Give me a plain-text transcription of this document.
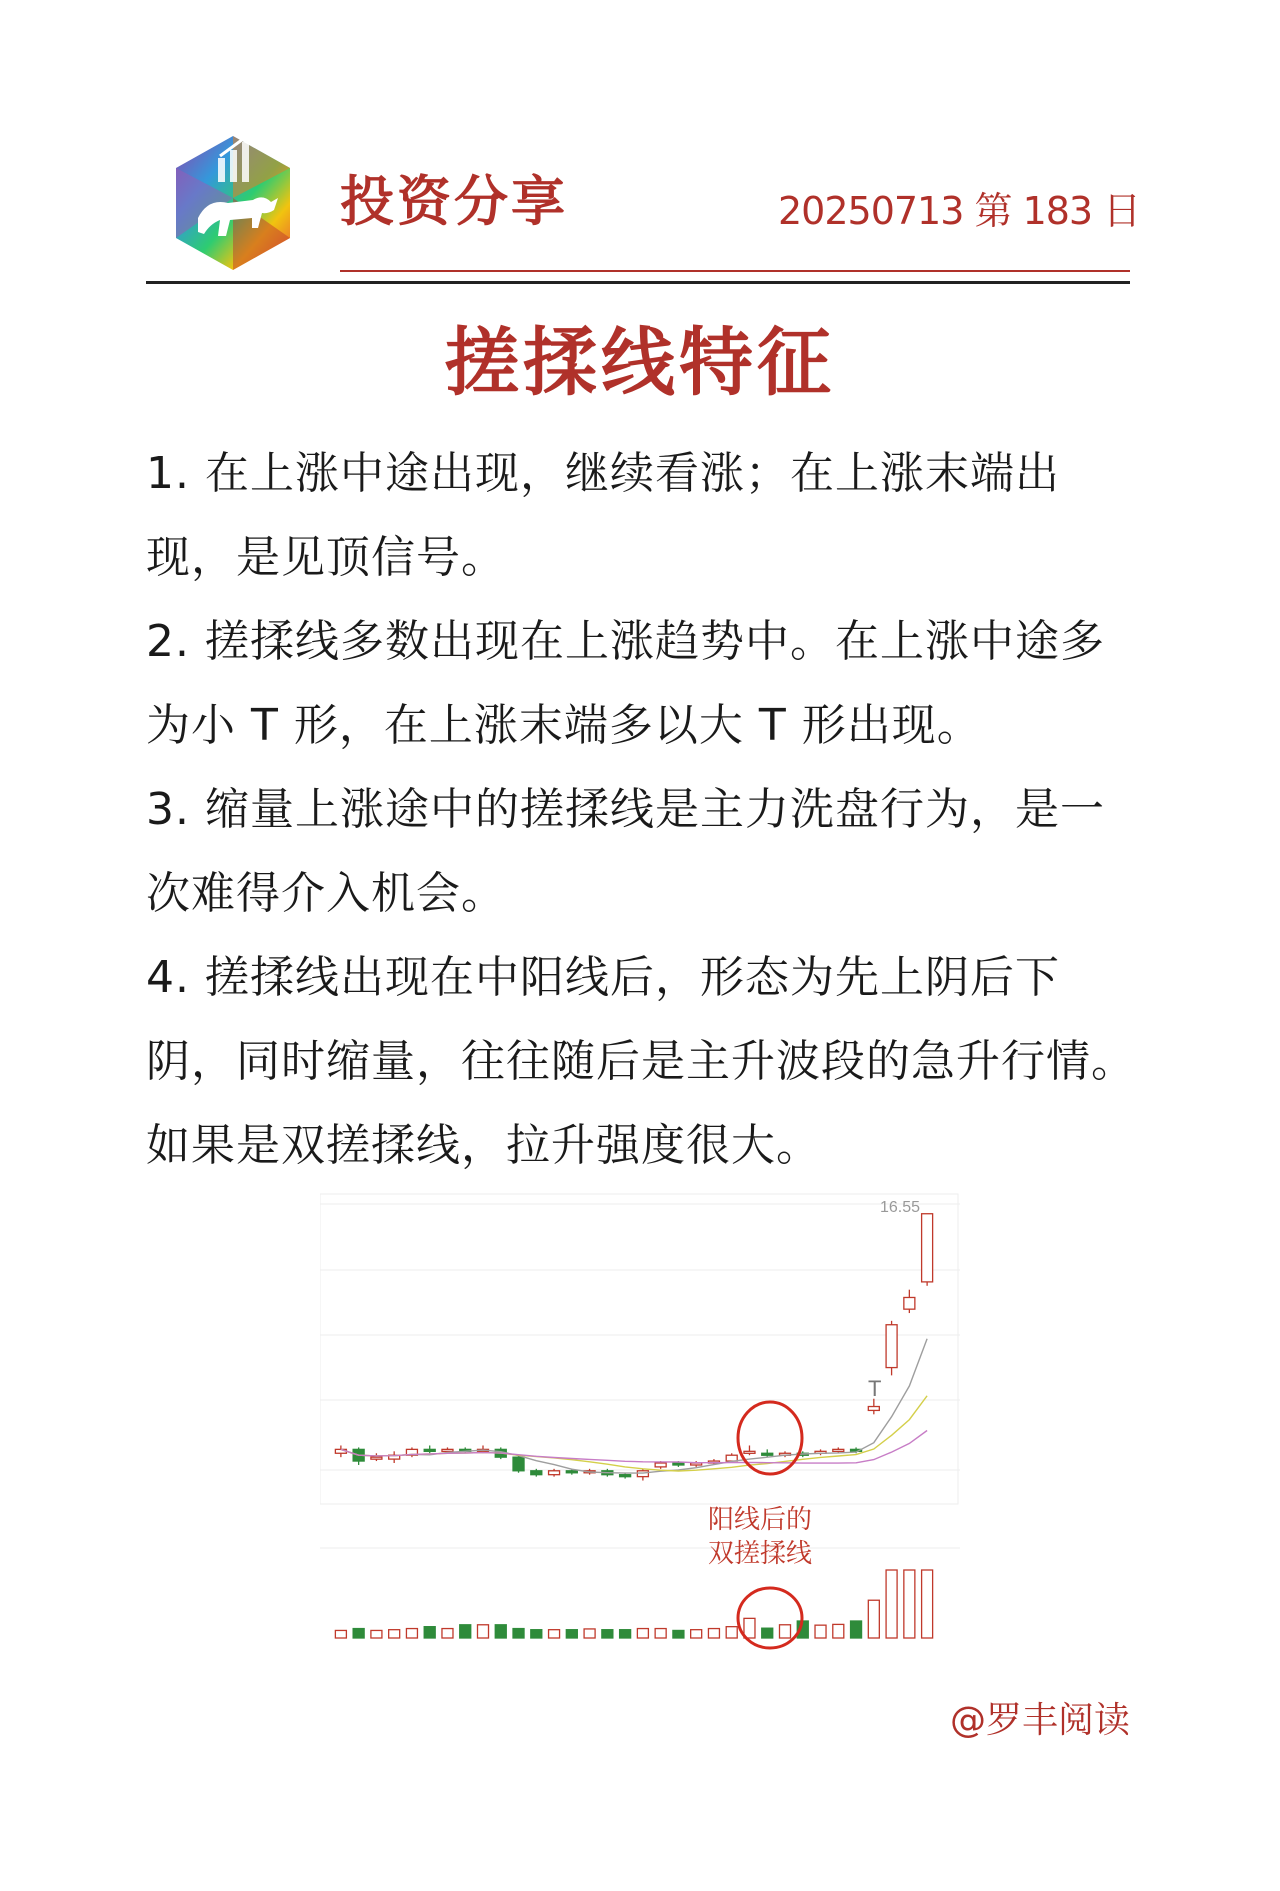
投资分享	20250713 第 183 日
搓揉线特征

1. 在上涨中途出现，继续看涨；在上涨末端出现，是见顶信号。

2. 搓揉线多数出现在上涨趋势中。在上涨中途多为小 T 形，在上涨末端多以大 T 形出现。

3. 缩量上涨途中的搓揉线是主力洗盘行为，是一次难得介入机会。

4. 搓揉线出现在中阳线后，形态为先上阴后下阴，同时缩量，往往随后是主升波段的急升行情。如果是双搓揉线，拉升强度很大。

16.55
T
阳线后的
双搓揉线
@罗丰阅读
